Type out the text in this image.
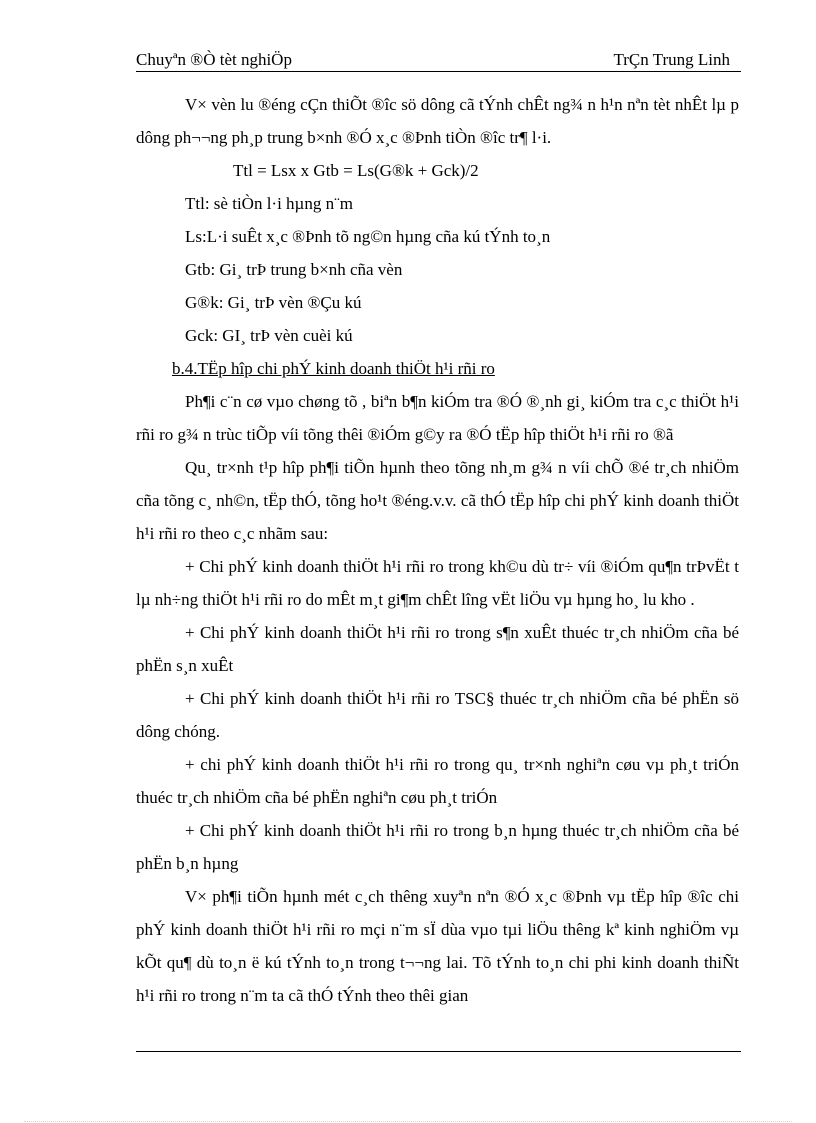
Chuyªn ®Ò tèt nghiÖp	TrÇn Trung Linh

V× vèn lu ®éng cÇn thiÕt ®îc sö dông cã tÝnh chÊt ng¾ n h¹n nªn tèt nhÊt lµ p dông ph¬¬ng ph¸p trung b×nh ®Ó x¸c ®Þnh tiÒn ®îc tr¶ l·i.

Ttl = Lsx x Gtb = Ls(G®k + Gck)/2

Ttl: sè tiÒn l·i hµng n¨m

Ls:L·i suÊt x¸c ®Þnh tõ ng©n hµng cña kú tÝnh to¸n

Gtb: Gi¸ trÞ trung b×nh cña vèn

G®k: Gi¸ trÞ vèn ®Çu kú

Gck: GI¸ trÞ vèn cuèi kú

b.4.TËp hîp chi phÝ kinh doanh thiÖt h¹i rñi ro

Ph¶i c¨n cø vµo chøng tõ , biªn b¶n kiÓm tra ®Ó ®¸nh gi¸ kiÓm tra c¸c thiÖt h¹i rñi ro g¾ n trùc tiÕp víi tõng thêi ®iÓm g©y ra ®Ó tËp hîp thiÖt h¹i rñi ro ®ã

Qu¸ tr×nh t¹p hîp ph¶i tiÕn hµnh theo tõng nh¸m g¾ n víi chÕ ®é tr¸ch nhiÖm cña tõng c¸ nh©n, tËp thÓ, tõng ho¹t ®éng.v.v. cã thÓ tËp hîp chi phÝ kinh doanh thiÖt h¹i rñi ro theo c¸c nhãm sau:

+ Chi phÝ kinh doanh thiÖt h¹i rñi ro trong kh©u dù tr÷ víi ®iÓm qu¶n trÞvËt t lµ nh÷ng thiÖt h¹i rñi ro do mÊt m¸t gi¶m chÊt lîng vËt liÖu vµ hµng ho¸ lu kho .

+ Chi phÝ kinh doanh thiÖt h¹i rñi ro trong s¶n xuÊt thuéc tr¸ch nhiÖm cña bé phËn s¸n xuÊt

+ Chi phÝ kinh doanh thiÖt h¹i rñi ro TSC§ thuéc tr¸ch nhiÖm cña bé phËn sö dông chóng.

+ chi phÝ kinh doanh thiÖt h¹i rñi ro trong qu¸ tr×nh nghiªn cøu vµ ph¸t triÓn thuéc tr¸ch nhiÖm cña bé phËn nghiªn cøu ph¸t triÓn

+ Chi phÝ kinh doanh thiÖt h¹i rñi ro trong b¸n hµng thuéc tr¸ch nhiÖm cña bé phËn b¸n hµng

V× ph¶i tiÕn hµnh mét c¸ch thêng xuyªn nªn ®Ó x¸c ®Þnh vµ tËp hîp ®îc chi phÝ kinh doanh thiÖt h¹i rñi ro mçi n¨m sÏ dùa vµo tµi liÖu thêng kª kinh nghiÖm vµ kÕt qu¶ dù to¸n ë kú tÝnh to¸n trong t¬¬ng lai. Tõ tÝnh to¸n chi phi kinh doanh thiÑt h¹i rñi ro trong n¨m ta cã thÓ tÝnh theo thêi gian
